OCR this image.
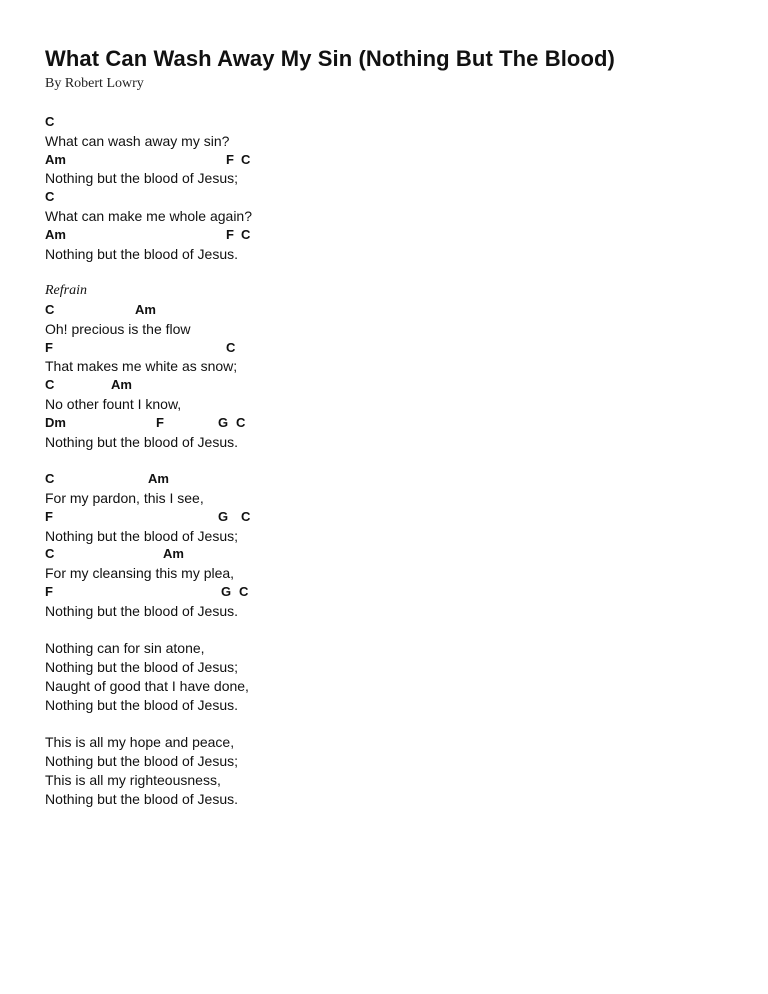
What Can Wash Away My Sin (Nothing But The Blood)

By Robert Lowry

C
What can wash away my sin?
Am	F C
Nothing but the blood of Jesus;
C
What can make me whole again?
Am	F C
Nothing but the blood of Jesus.
Refrain
C	Am
Oh! precious is the flow
F	C
That makes me white as snow;
C	Am
No other fount I know,
Dm	F	G C
Nothing but the blood of Jesus.
C	Am
For my pardon, this I see,
F	G C
Nothing but the blood of Jesus;
C	Am
For my cleansing this my plea,
F	G C
Nothing but the blood of Jesus.
Nothing can for sin atone,
Nothing but the blood of Jesus;
Naught of good that I have done,
Nothing but the blood of Jesus.
This is all my hope and peace,
Nothing but the blood of Jesus;
This is all my righteousness,
Nothing but the blood of Jesus.
